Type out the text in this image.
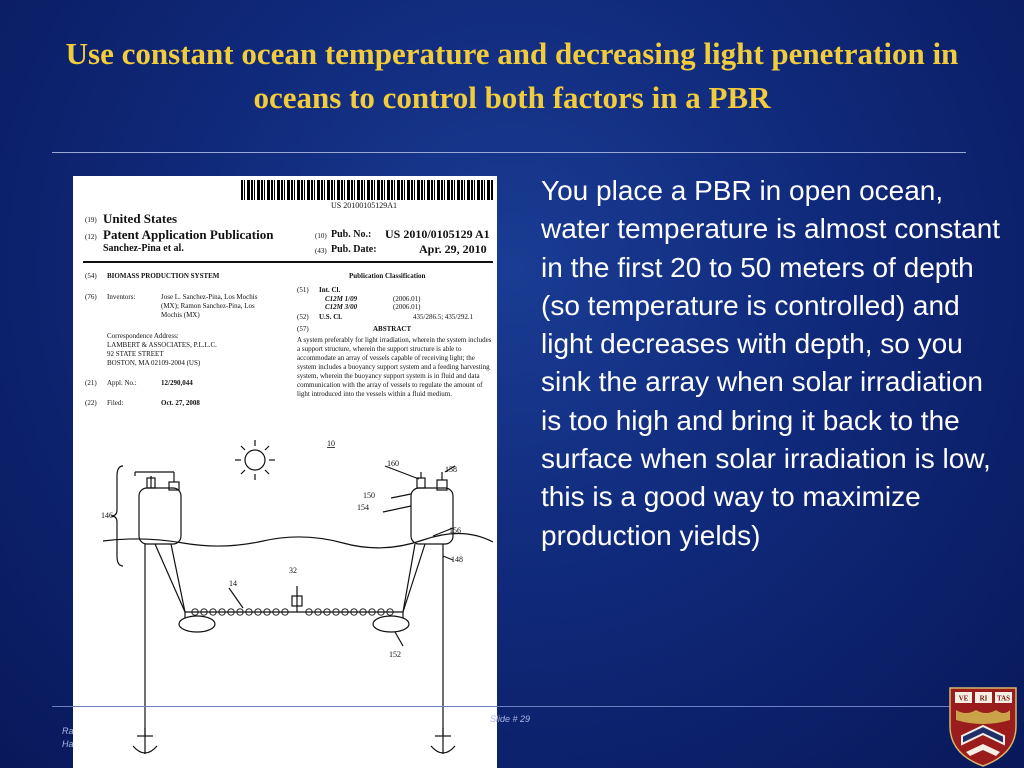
Use constant ocean temperature and decreasing light penetration in oceans to control both factors in a PBR
US 20100105129A1
(19) United States
(12) Patent Application Publication
Sanchez-Pina et al.
(10) Pub. No.: US 2010/0105129 A1
(43) Pub. Date:	Apr. 29, 2010
(54) BIOMASS PRODUCTION SYSTEM	Publication Classification
(76) Inventors:	Jose L. Sanchez-Pina, Los Mochis
(MX); Ramon Sanchez-Pina, Los
Mochis (MX)
Correspondence Address:
LAMBERT & ASSOCIATES, P.L.L.C.
92 STATE STREET
BOSTON, MA 02109-2004 (US)
(21) Appl. No.:	12/290,044
(22) Filed:	Oct. 27, 2008
(51) Int. Cl.
C12M 1/09	(2006.01)
C12M 3/00	(2006.01)
(52) U.S. Cl.	435/286.5; 435/292.1
(57)	ABSTRACT
A system preferably for light irradiation, wherein the system includes a support structure, wherein the support structure is able to accommodate an array of vessels capable of receiving light; the system includes a buoyancy support system and a feeding harvesting system, wherein the buoyancy support system is in fluid and data communication with the array of vessels to regulate the amount of light introduced into the vessels within a fluid medium.
10
160
158
150
154
156
146
148
14
32
152
You place a PBR in open ocean, water temperature is almost constant in the first 20 to 50 meters of depth (so temperature is controlled) and light decreases with depth, so you sink the array when solar irradiation is too high and bring it back to the surface when solar irradiation is low, this is a good way to maximize production yields)
Ra
Ha
Slide # 29
VE RI TAS
